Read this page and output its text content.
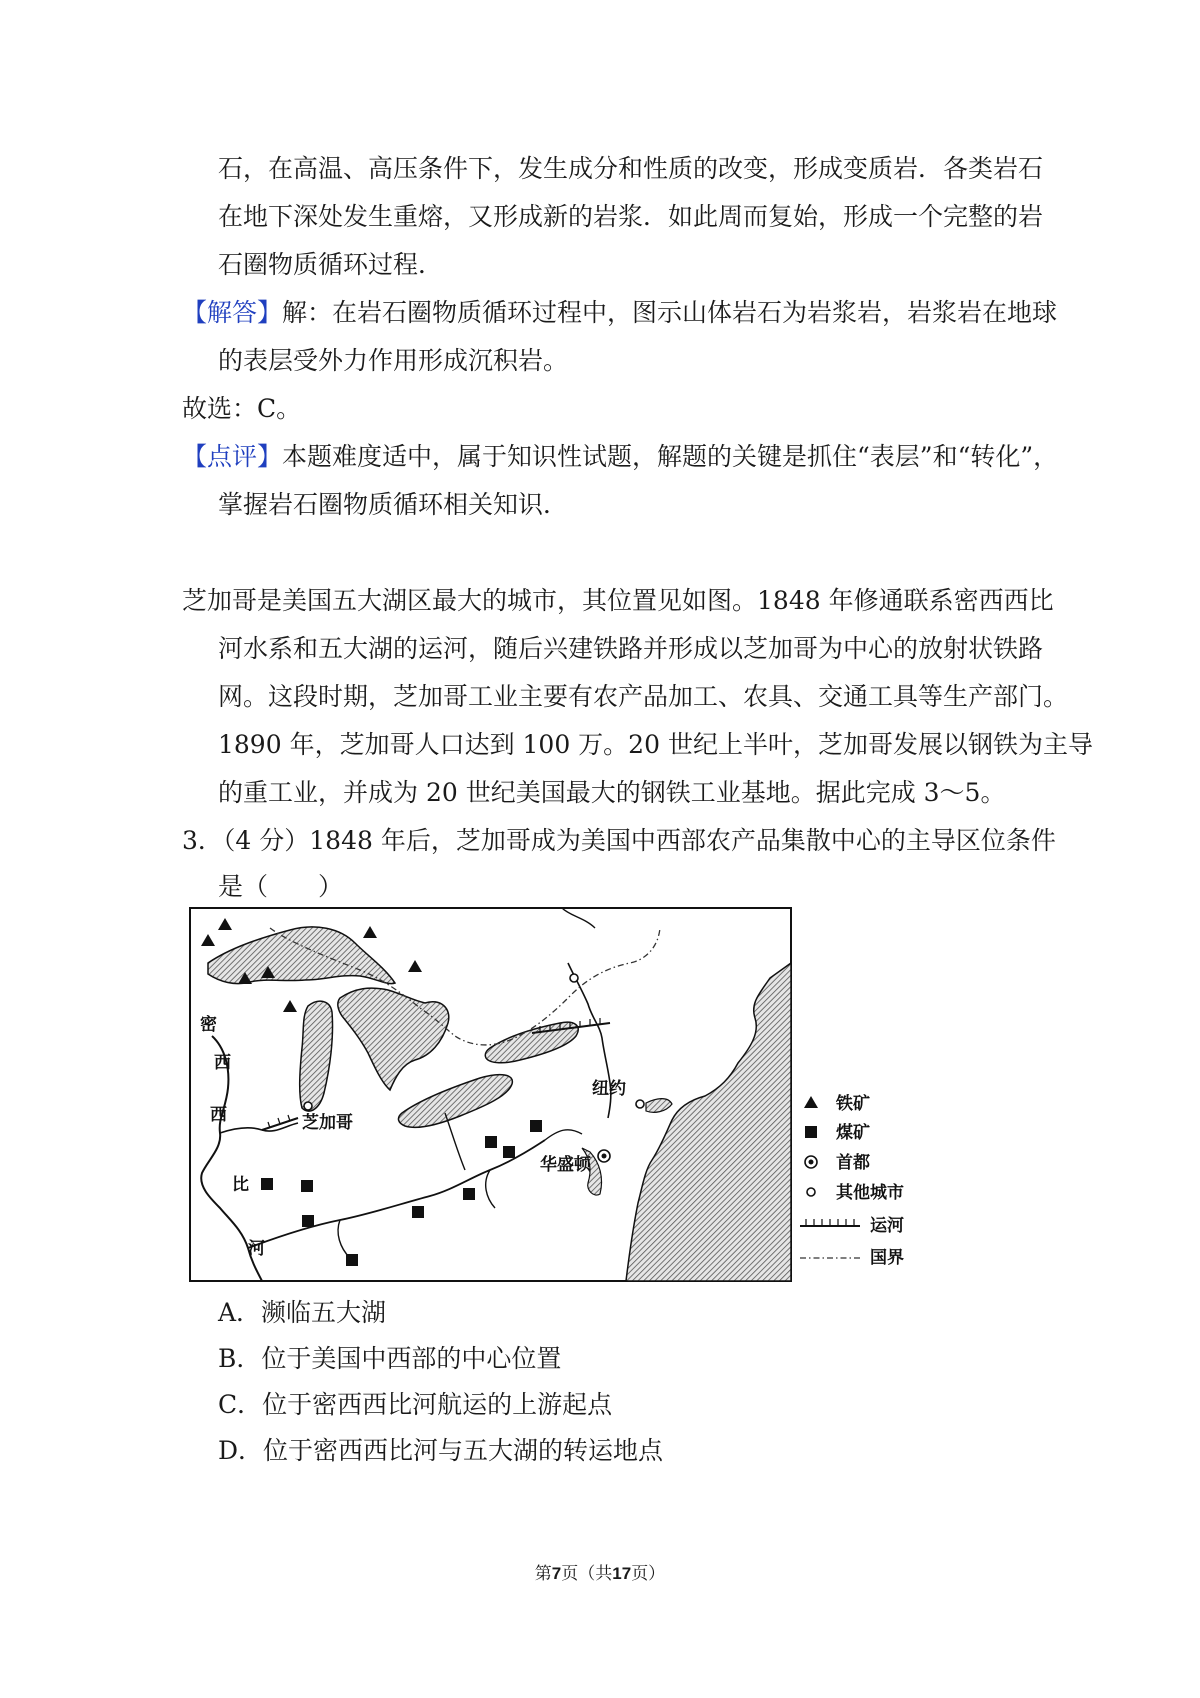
石，在高温、高压条件下，发生成分和性质的改变，形成变质岩．各类岩石
在地下深处发生重熔，又形成新的岩浆．如此周而复始，形成一个完整的岩
石圈物质循环过程．
【解答】解：在岩石圈物质循环过程中，图示山体岩石为岩浆岩，岩浆岩在地球
的表层受外力作用形成沉积岩。
故选：C。
【点评】本题难度适中，属于知识性试题，解题的关键是抓住“表层”和“转化”，
掌握岩石圈物质循环相关知识．
芝加哥是美国五大湖区最大的城市，其位置见如图。1848 年修通联系密西西比
河水系和五大湖的运河，随后兴建铁路并形成以芝加哥为中心的放射状铁路
网。这段时期，芝加哥工业主要有农产品加工、农具、交通工具等生产部门。
1890 年，芝加哥人口达到 100 万。20 世纪上半叶，芝加哥发展以钢铁为主导
的重工业，并成为 20 世纪美国最大的钢铁工业基地。据此完成 3～5。
3．（4 分）1848 年后，芝加哥成为美国中西部农产品集散中心的主导区位条件
是（　　）
密
西
西
比
河
芝加哥
纽约
华盛顿
铁矿
煤矿
首都
其他城市
运河
国界
A．濒临五大湖
B．位于美国中西部的中心位置
C．位于密西西比河航运的上游起点
D．位于密西西比河与五大湖的转运地点
第7页（共17页）
